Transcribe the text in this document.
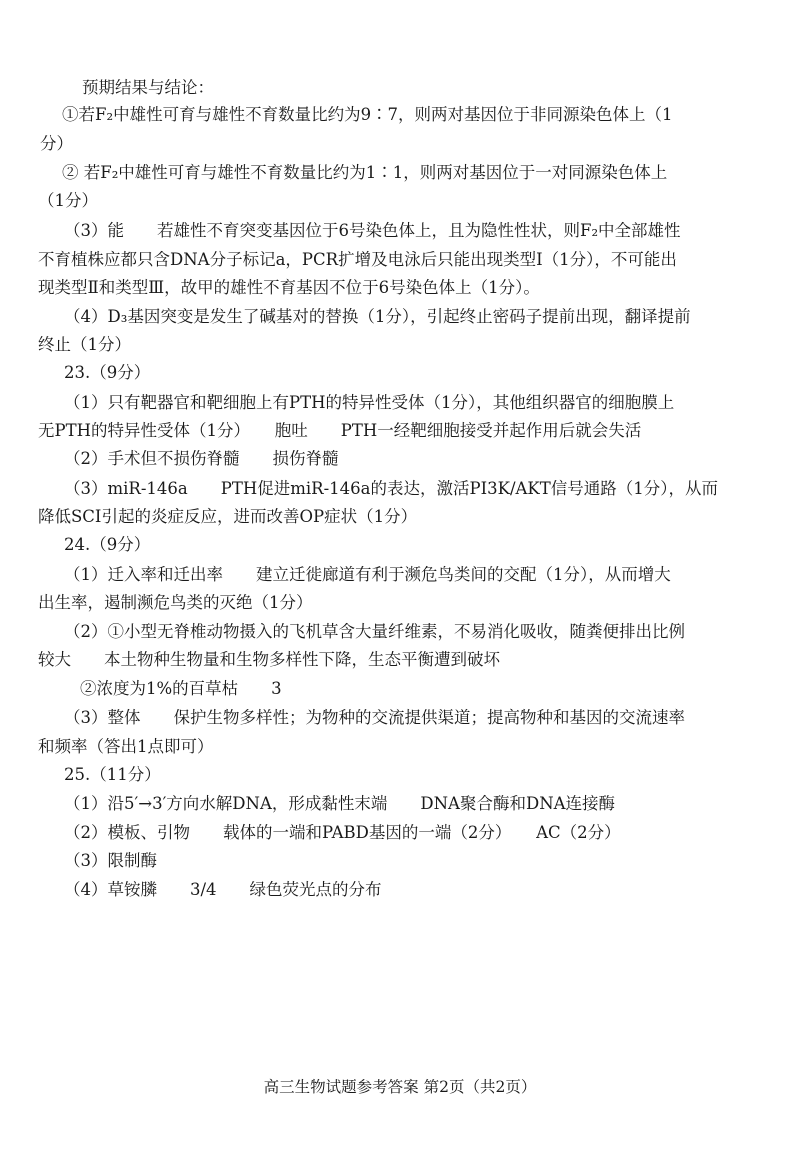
预期结果与结论：
①若F₂中雄性可育与雄性不育数量比约为9∶7，则两对基因位于非同源染色体上（1
分）
② 若F₂中雄性可育与雄性不育数量比约为1∶1，则两对基因位于一对同源染色体上
（1分）
（3）能　　若雄性不育突变基因位于6号染色体上，且为隐性性状，则F₂中全部雄性
不育植株应都只含DNA分子标记a，PCR扩增及电泳后只能出现类型Ⅰ（1分），不可能出
现类型Ⅱ和类型Ⅲ，故甲的雄性不育基因不位于6号染色体上（1分）。
（4）D₃基因突变是发生了碱基对的替换（1分），引起终止密码子提前出现，翻译提前
终止（1分）
23.（9分）
（1）只有靶器官和靶细胞上有PTH的特异性受体（1分），其他组织器官的细胞膜上
无PTH的特异性受体（1分）　　胞吐　　PTH一经靶细胞接受并起作用后就会失活
（2）手术但不损伤脊髓　　损伤脊髓
（3）miR-146a　　PTH促进miR-146a的表达，激活PI3K/AKT信号通路（1分），从而
降低SCI引起的炎症反应，进而改善OP症状（1分）
24.（9分）
（1）迁入率和迁出率　　建立迁徙廊道有利于濒危鸟类间的交配（1分），从而增大
出生率，遏制濒危鸟类的灭绝（1分）
（2）①小型无脊椎动物摄入的飞机草含大量纤维素，不易消化吸收，随粪便排出比例
较大　　本土物种生物量和生物多样性下降，生态平衡遭到破坏
②浓度为1%的百草枯　　3
（3）整体　　保护生物多样性；为物种的交流提供渠道；提高物种和基因的交流速率
和频率（答出1点即可）
25.（11分）
（1）沿5′→3′方向水解DNA，形成黏性末端　　DNA聚合酶和DNA连接酶
（2）模板、引物　　载体的一端和PABD基因的一端（2分）　　AC（2分）
（3）限制酶
（4）草铵膦　　3/4　　绿色荧光点的分布
高三生物试题参考答案 第2页（共2页）
